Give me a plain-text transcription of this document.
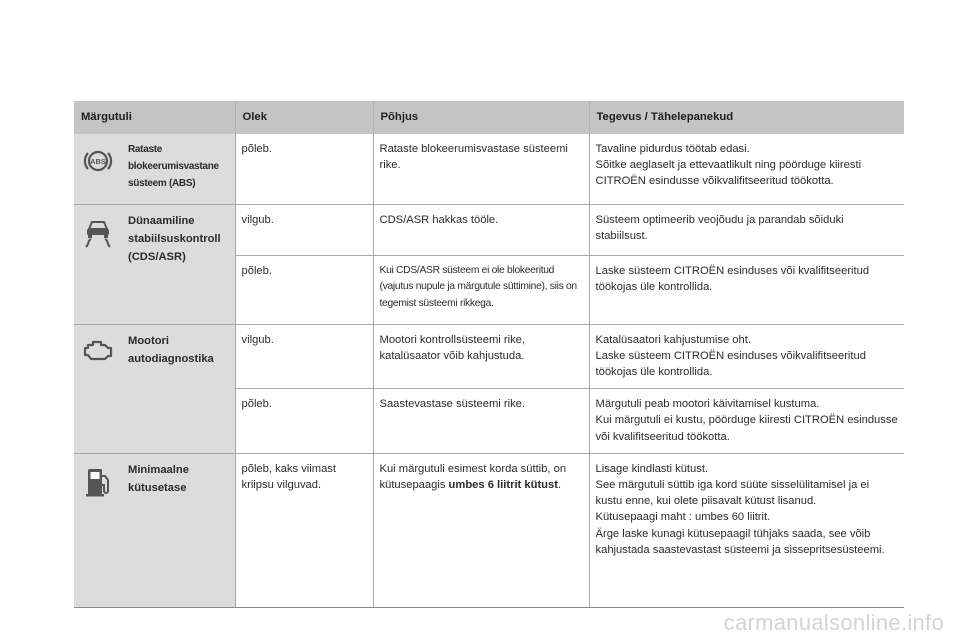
Märgutuli		Olek	Põhjus	Tegevus / Tähelepanekud

ABS	Rataste blokeerumisvastane süsteem (ABS)	põleb.	Rataste blokeerumisvastase süsteemi rike.	Tavaline pidurdus töötab edasi.
Sõitke aeglaselt ja ettevaatlikult ning pöörduge kiiresti CITROËN esindusse võikvalifitseeritud töökotta.

	Dünaamiline stabiilsuskontroll (CDS/ASR)	vilgub.	CDS/ASR hakkas tööle.	Süsteem optimeerib veojõudu ja parandab sõiduki stabiilsust.

		põleb.	Kui CDS/ASR süsteem ei ole blokeeritud (vajutus nupule ja märgutule süttimine), siis on tegemist süsteemi rikkega.	Laske süsteem CITROËN esinduses või kvalifitseeritud töökojas üle kontrollida.

	Mootori autodiagnostika	vilgub.	Mootori kontrollsüsteemi rike, katalüsaator võib kahjustuda.	Katalüsaatori kahjustumise oht.
Laske süsteem CITROËN esinduses võikvalifitseeritud töökojas üle kontrollida.

		põleb.	Saastevastase süsteemi rike.	Märgutuli peab mootori käivitamisel kustuma.
Kui märgutuli ei kustu, pöörduge kiiresti CITROËN esindusse või kvalifitseeritud töökotta.

	Minimaalne kütusetase	põleb, kaks viimast kriipsu vilguvad.	Kui märgutuli esimest korda süttib, on kütusepaagis umbes 6 liitrit kütust.	Lisage kindlasti kütust.
See märgutuli süttib iga kord süüte sisselülitamisel ja ei kustu enne, kui olete piisavalt kütust lisanud.
Kütusepaagi maht : umbes 60 liitrit.
Ärge laske kunagi kütusepaagil tühjaks saada, see võib kahjustada saastevastast süsteemi ja sissepritsesüsteemi.
carmanualsonline.info
